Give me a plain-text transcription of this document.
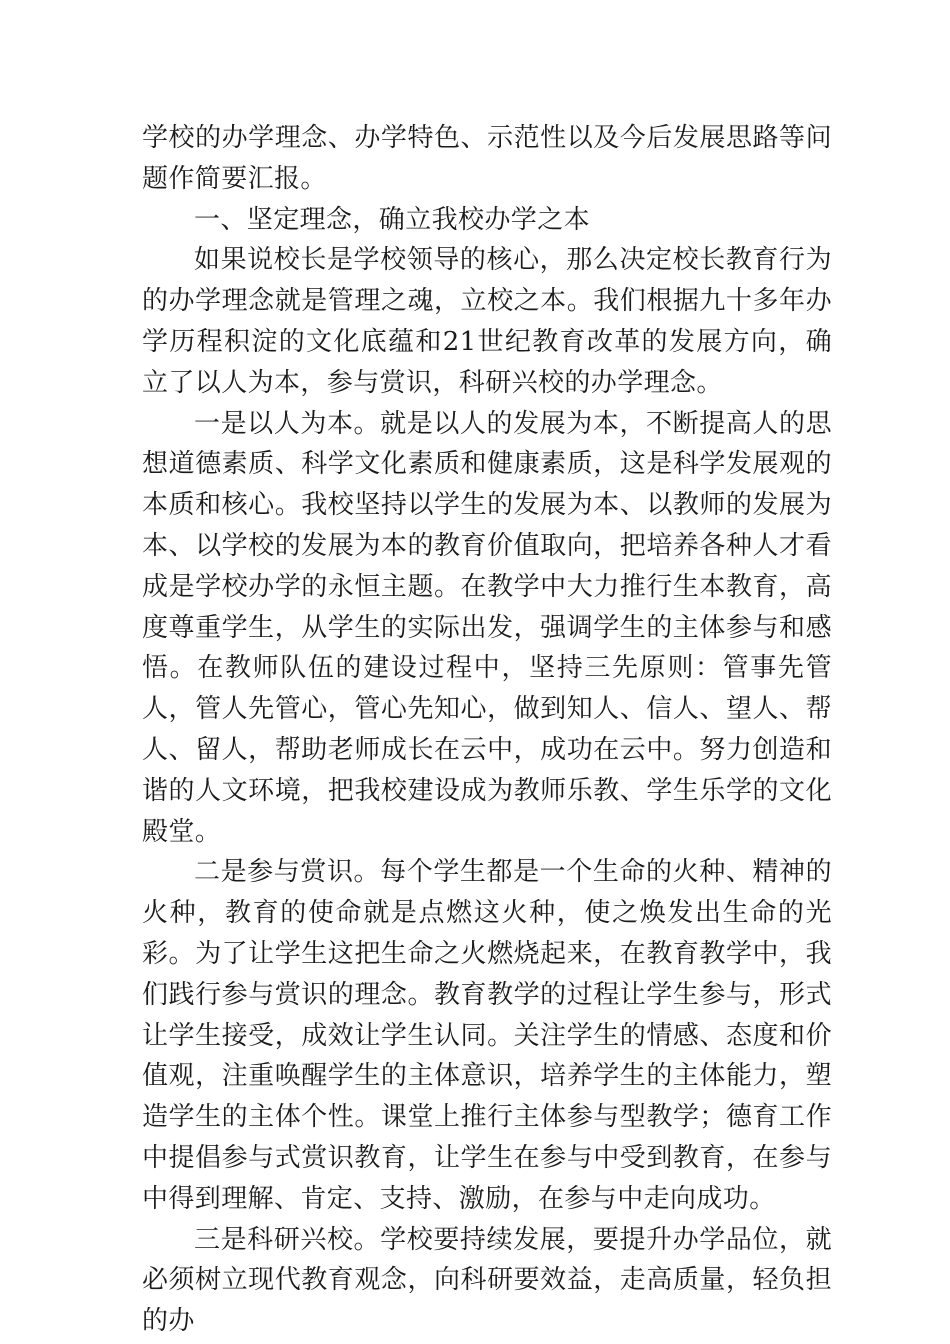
学校的办学理念、办学特色、示范性以及今后发展思路等问题作简要汇报。

一、坚定理念，确立我校办学之本

如果说校长是学校领导的核心，那么决定校长教育行为的办学理念就是管理之魂，立校之本。我们根据九十多年办学历程积淀的文化底蕴和21世纪教育改革的发展方向，确立了以人为本，参与赏识，科研兴校的办学理念。

一是以人为本。就是以人的发展为本，不断提高人的思想道德素质、科学文化素质和健康素质，这是科学发展观的本质和核心。我校坚持以学生的发展为本、以教师的发展为本、以学校的发展为本的教育价值取向，把培养各种人才看成是学校办学的永恒主题。在教学中大力推行生本教育，高度尊重学生，从学生的实际出发，强调学生的主体参与和感悟。在教师队伍的建设过程中，坚持三先原则：管事先管人，管人先管心，管心先知心，做到知人、信人、望人、帮人、留人，帮助老师成长在云中，成功在云中。努力创造和谐的人文环境，把我校建设成为教师乐教、学生乐学的文化殿堂。

二是参与赏识。每个学生都是一个生命的火种、精神的火种，教育的使命就是点燃这火种，使之焕发出生命的光彩。为了让学生这把生命之火燃烧起来，在教育教学中，我们践行参与赏识的理念。教育教学的过程让学生参与，形式让学生接受，成效让学生认同。关注学生的情感、态度和价值观，注重唤醒学生的主体意识，培养学生的主体能力，塑造学生的主体个性。课堂上推行主体参与型教学；德育工作中提倡参与式赏识教育，让学生在参与中受到教育，在参与中得到理解、肯定、支持、激励，在参与中走向成功。

三是科研兴校。学校要持续发展，要提升办学品位，就必须树立现代教育观念，向科研要效益，走高质量，轻负担的办
